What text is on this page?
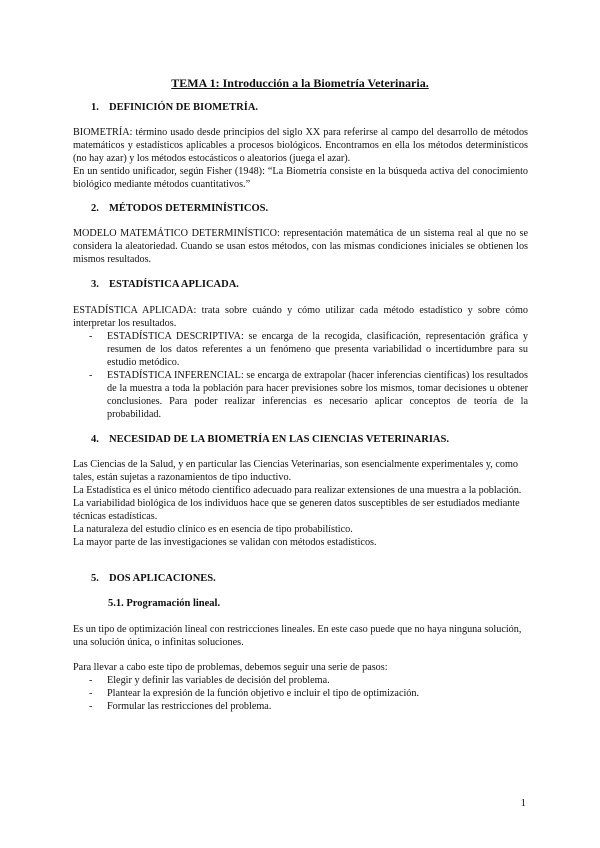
TEMA 1: Introducción a la Biometría Veterinaria.

1. DEFINICIÓN DE BIOMETRÍA.

BIOMETRÍA: término usado desde principios del siglo XX para referirse al campo del desarrollo de métodos matemáticos y estadísticos aplicables a procesos biológicos. Encontramos en ella los métodos determinísticos (no hay azar) y los métodos estocásticos o aleatorios (juega el azar).

En un sentido unificador, según Fisher (1948): “La Biometría consiste en la búsqueda activa del conocimiento biológico mediante métodos cuantitativos.”

2. MÉTODOS DETERMINÍSTICOS.

MODELO MATEMÁTICO DETERMINÍSTICO: representación matemática de un sistema real al que no se considera la aleatoriedad. Cuando se usan estos métodos, con las mismas condiciones iniciales se obtienen los mismos resultados.

3. ESTADÍSTICA APLICADA.

ESTADÍSTICA APLICADA: trata sobre cuándo y cómo utilizar cada método estadístico y sobre cómo interpretar los resultados.

- ESTADÍSTICA DESCRIPTIVA: se encarga de la recogida, clasificación, representación gráfica y resumen de los datos referentes a un fenómeno que presenta variabilidad o incertidumbre para su estudio metódico.
- ESTADÍSTICA INFERENCIAL: se encarga de extrapolar (hacer inferencias científicas) los resultados de la muestra a toda la población para hacer previsiones sobre los mismos, tomar decisiones u obtener conclusiones. Para poder realizar inferencias es necesario aplicar conceptos de teoría de la probabilidad.

4. NECESIDAD DE LA BIOMETRÍA EN LAS CIENCIAS VETERINARIAS.

Las Ciencias de la Salud, y en particular las Ciencias Veterinarias, son esencialmente experimentales y, como tales, están sujetas a razonamientos de tipo inductivo.

La Estadística es el único método científico adecuado para realizar extensiones de una muestra a la población.

La variabilidad biológica de los individuos hace que se generen datos susceptibles de ser estudiados mediante técnicas estadísticas.

La naturaleza del estudio clínico es en esencia de tipo probabilístico.

La mayor parte de las investigaciones se validan con métodos estadísticos.

5. DOS APLICACIONES.

5.1. Programación lineal.

Es un tipo de optimización lineal con restricciones lineales. En este caso puede que no haya ninguna solución, una solución única, o infinitas soluciones.

Para llevar a cabo este tipo de problemas, debemos seguir una serie de pasos:

- Elegir y definir las variables de decisión del problema.
- Plantear la expresión de la función objetivo e incluir el tipo de optimización.
- Formular las restricciones del problema.

1
